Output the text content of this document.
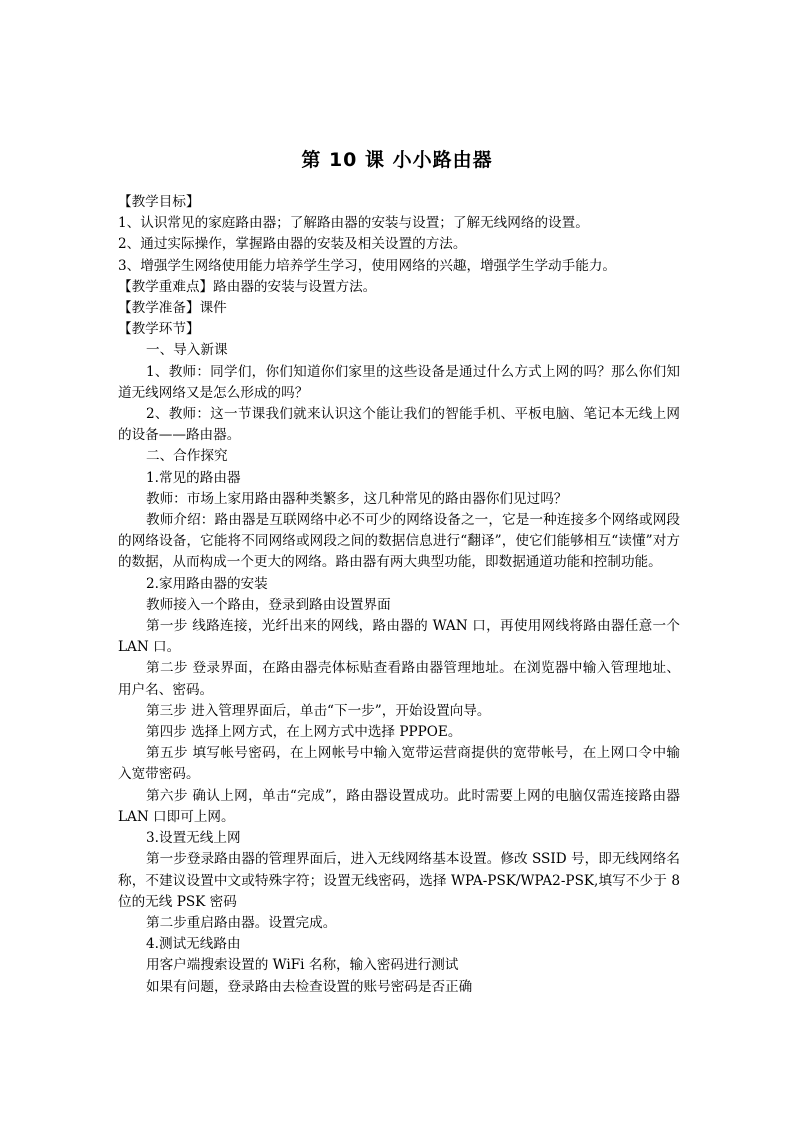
第 10 课 小小路由器

【教学目标】

1、认识常见的家庭路由器；了解路由器的安装与设置；了解无线网络的设置。

2、通过实际操作，掌握路由器的安装及相关设置的方法。

3、增强学生网络使用能力培养学生学习，使用网络的兴趣，增强学生学动手能力。

【教学重难点】路由器的安装与设置方法。

【教学准备】课件

【教学环节】

一、导入新课

1、教师：同学们，你们知道你们家里的这些设备是通过什么方式上网的吗？那么你们知道无线网络又是怎么形成的吗？

2、教师：这一节课我们就来认识这个能让我们的智能手机、平板电脑、笔记本无线上网的设备——路由器。

二、合作探究

1.常见的路由器

教师：市场上家用路由器种类繁多，这几种常见的路由器你们见过吗？

教师介绍：路由器是互联网络中必不可少的网络设备之一，它是一种连接多个网络或网段的网络设备，它能将不同网络或网段之间的数据信息进行“翻译”，使它们能够相互“读懂”对方的数据，从而构成一个更大的网络。路由器有两大典型功能，即数据通道功能和控制功能。

2.家用路由器的安装

教师接入一个路由，登录到路由设置界面

第一步 线路连接，光纤出来的网线，路由器的 WAN 口，再使用网线将路由器任意一个 LAN 口。

第二步 登录界面，在路由器壳体标贴查看路由器管理地址。在浏览器中输入管理地址、用户名、密码。

第三步 进入管理界面后，单击“下一步”，开始设置向导。

第四步 选择上网方式，在上网方式中选择 PPPOE。

第五步 填写帐号密码，在上网帐号中输入宽带运营商提供的宽带帐号，在上网口令中输入宽带密码。

第六步 确认上网，单击“完成”，路由器设置成功。此时需要上网的电脑仅需连接路由器 LAN 口即可上网。

3.设置无线上网

第一步登录路由器的管理界面后，进入无线网络基本设置。修改 SSID 号，即无线网络名称，不建议设置中文或特殊字符；设置无线密码，选择 WPA-PSK/WPA2-PSK,填写不少于 8 位的无线 PSK 密码

第二步重启路由器。设置完成。

4.测试无线路由

用客户端搜索设置的 WiFi 名称，输入密码进行测试

如果有问题，登录路由去检查设置的账号密码是否正确
